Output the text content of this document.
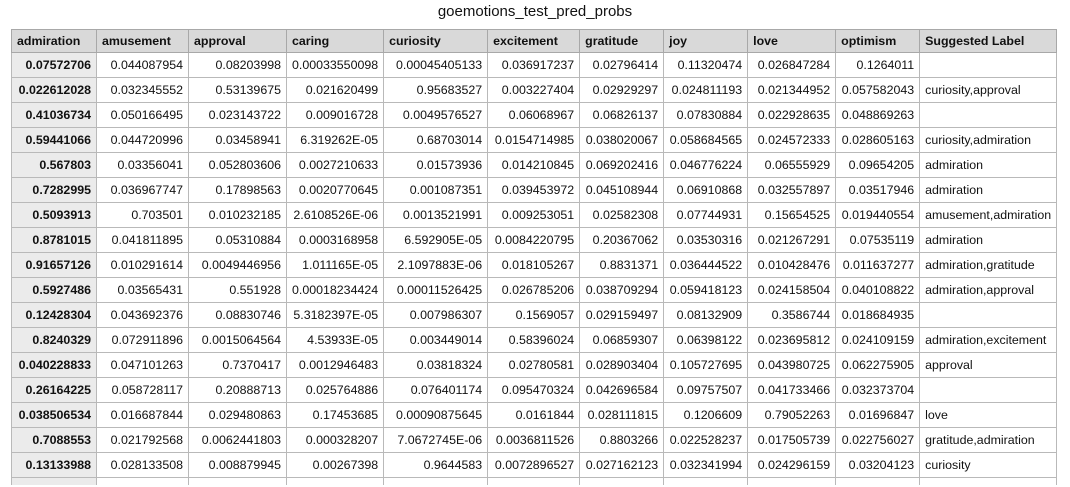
goemotions_test_pred_probs
admiration	amusement	approval	caring	curiosity	excitement	gratitude	joy	love	optimism	Suggested Label
0.07572706	0.044087954	0.08203998	0.00033550098	0.00045405133	0.036917237	0.02796414	0.11320474	0.026847284	0.1264011	
0.022612028	0.032345552	0.53139675	0.021620499	0.95683527	0.003227404	0.02929297	0.024811193	0.021344952	0.057582043	curiosity,approval
0.41036734	0.050166495	0.023143722	0.009016728	0.0049576527	0.06068967	0.06826137	0.07830884	0.022928635	0.048869263	
0.59441066	0.044720996	0.03458941	6.319262E-05	0.68703014	0.0154714985	0.038020067	0.058684565	0.024572333	0.028605163	curiosity,admiration
0.567803	0.03356041	0.052803606	0.0027210633	0.01573936	0.014210845	0.069202416	0.046776224	0.06555929	0.09654205	admiration
0.7282995	0.036967747	0.17898563	0.0020770645	0.001087351	0.039453972	0.045108944	0.06910868	0.032557897	0.03517946	admiration
0.5093913	0.703501	0.010232185	2.6108526E-06	0.0013521991	0.009253051	0.02582308	0.07744931	0.15654525	0.019440554	amusement,admiration
0.8781015	0.041811895	0.05310884	0.0003168958	6.592905E-05	0.0084220795	0.20367062	0.03530316	0.021267291	0.07535119	admiration
0.91657126	0.010291614	0.0049446956	1.011165E-05	2.1097883E-06	0.018105267	0.8831371	0.036444522	0.010428476	0.011637277	admiration,gratitude
0.5927486	0.03565431	0.551928	0.00018234424	0.00011526425	0.026785206	0.038709294	0.059418123	0.024158504	0.040108822	admiration,approval
0.12428304	0.043692376	0.08830746	5.3182397E-05	0.007986307	0.1569057	0.029159497	0.08132909	0.3586744	0.018684935	
0.8240329	0.072911896	0.0015064564	4.53933E-05	0.003449014	0.58396024	0.06859307	0.06398122	0.023695812	0.024109159	admiration,excitement
0.040228833	0.047101263	0.7370417	0.0012946483	0.03818324	0.02780581	0.028903404	0.105727695	0.043980725	0.062275905	approval
0.26164225	0.058728117	0.20888713	0.025764886	0.076401174	0.095470324	0.042696584	0.09757507	0.041733466	0.032373704	
0.038506534	0.016687844	0.029480863	0.17453685	0.00090875645	0.0161844	0.028111815	0.1206609	0.79052263	0.01696847	love
0.7088553	0.021792568	0.0062441803	0.000328207	7.0672745E-06	0.0036811526	0.8803266	0.022528237	0.017505739	0.022756027	gratitude,admiration
0.13133988	0.028133508	0.008879945	0.00267398	0.9644583	0.0072896527	0.027162123	0.032341994	0.024296159	0.03204123	curiosity
